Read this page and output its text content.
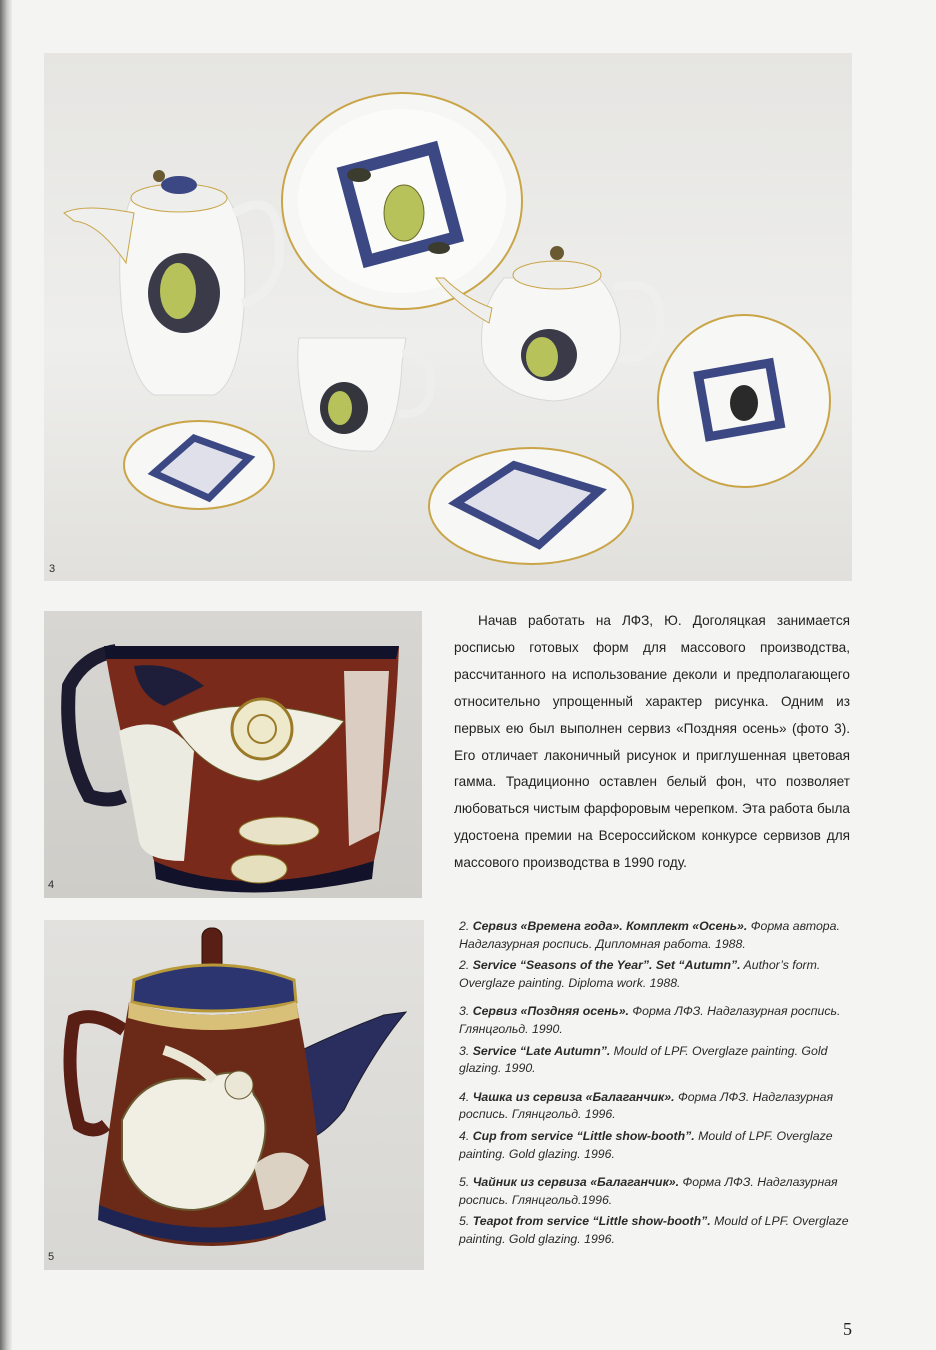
3
4
5

Начав работать на ЛФЗ, Ю. Доголяцкая занимается росписью готовых форм для массового производства, рассчитанного на использование деколи и предполагающего относительно упрощенный характер рисунка. Одним из первых ею был выполнен сервиз «Поздняя осень» (фото 3). Его отличает лаконичный рисунок и приглушенная цветовая гамма. Традиционно оставлен белый фон, что позволяет любоваться чистым фарфоровым черепком. Эта работа была удостоена премии на Всероссийском конкурсе сервизов для массового производства в 1990 году.

2. Сервиз «Времена года». Комплект «Осень». Форма автора. Надглазурная роспись. Дипломная работа. 1988.

2. Service “Seasons of the Year”. Set “Autumn”. Author’s form. Overglaze painting. Diploma work. 1988.

3. Сервиз «Поздняя осень». Форма ЛФЗ. Надглазурная роспись. Глянцгольд. 1990.

3. Service “Late Autumn”. Mould of LPF. Overglaze painting. Gold glazing. 1990.

4. Чашка из сервиза «Балаганчик». Форма ЛФЗ. Надглазурная роспись. Глянцгольд. 1996.

4. Cup from service “Little show-booth”. Mould of LPF. Overglaze painting. Gold glazing. 1996.

5. Чайник из сервиза «Балаганчик». Форма ЛФЗ. Надглазурная роспись. Глянцгольд.1996.

5. Teapot from service “Little show-booth”. Mould of LPF. Overglaze painting. Gold glazing. 1996.

5
